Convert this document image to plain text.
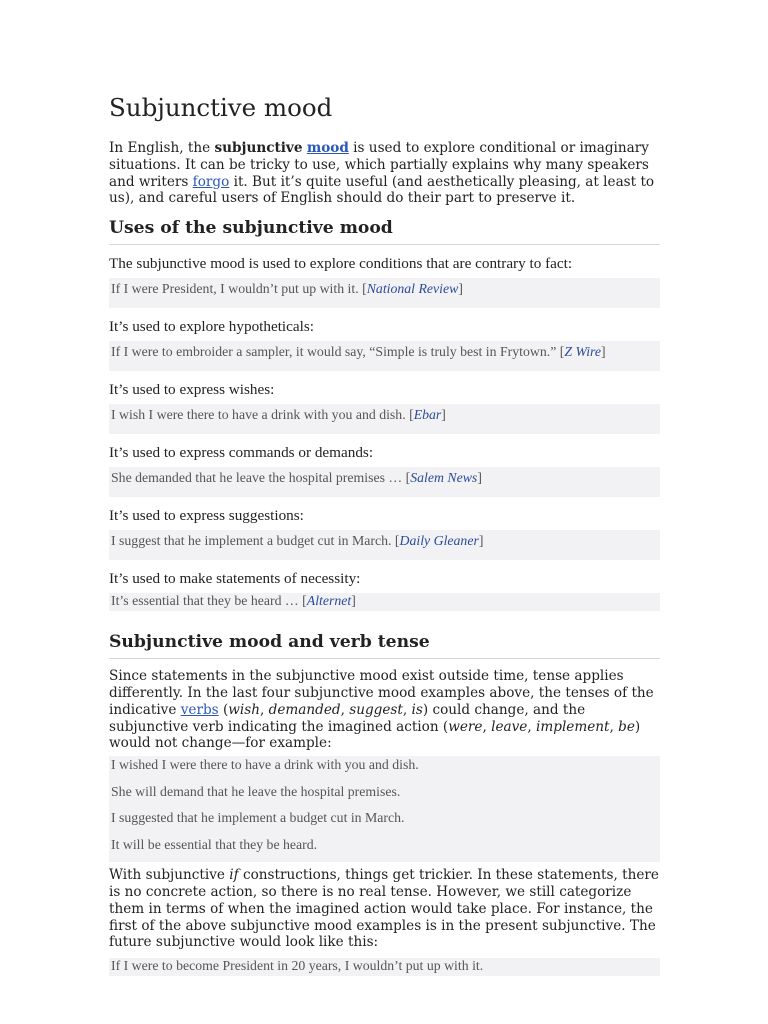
Subjunctive mood

In English, the subjunctive mood is used to explore conditional or imaginary situations. It can be tricky to use, which partially explains why many speakers and writers forgo it. But it’s quite useful (and aesthetically pleasing, at least to us), and careful users of English should do their part to preserve it.

Uses of the subjunctive mood

The subjunctive mood is used to explore conditions that are contrary to fact:

If I were President, I wouldn’t put up with it. [National Review]

It’s used to explore hypotheticals:

If I were to embroider a sampler, it would say, “Simple is truly best in Frytown.” [Z Wire]

It’s used to express wishes:

I wish I were there to have a drink with you and dish. [Ebar]

It’s used to express commands or demands:

She demanded that he leave the hospital premises … [Salem News]

It’s used to express suggestions:

I suggest that he implement a budget cut in March. [Daily Gleaner]

It’s used to make statements of necessity:

It’s essential that they be heard … [Alternet]
Subjunctive mood and verb tense

Since statements in the subjunctive mood exist outside time, tense applies differently. In the last four subjunctive mood examples above, the tenses of the indicative verbs (wish, demanded, suggest, is) could change, and the subjunctive verb indicating the imagined action (were, leave, implement, be) would not change—for example:

I wished I were there to have a drink with you and dish.
She will demand that he leave the hospital premises.
I suggested that he implement a budget cut in March.
It will be essential that they be heard.

With subjunctive if constructions, things get trickier. In these statements, there is no concrete action, so there is no real tense. However, we still categorize them in terms of when the imagined action would take place. For instance, the first of the above subjunctive mood examples is in the present subjunctive. The future subjunctive would look like this:

If I were to become President in 20 years, I wouldn’t put up with it.
